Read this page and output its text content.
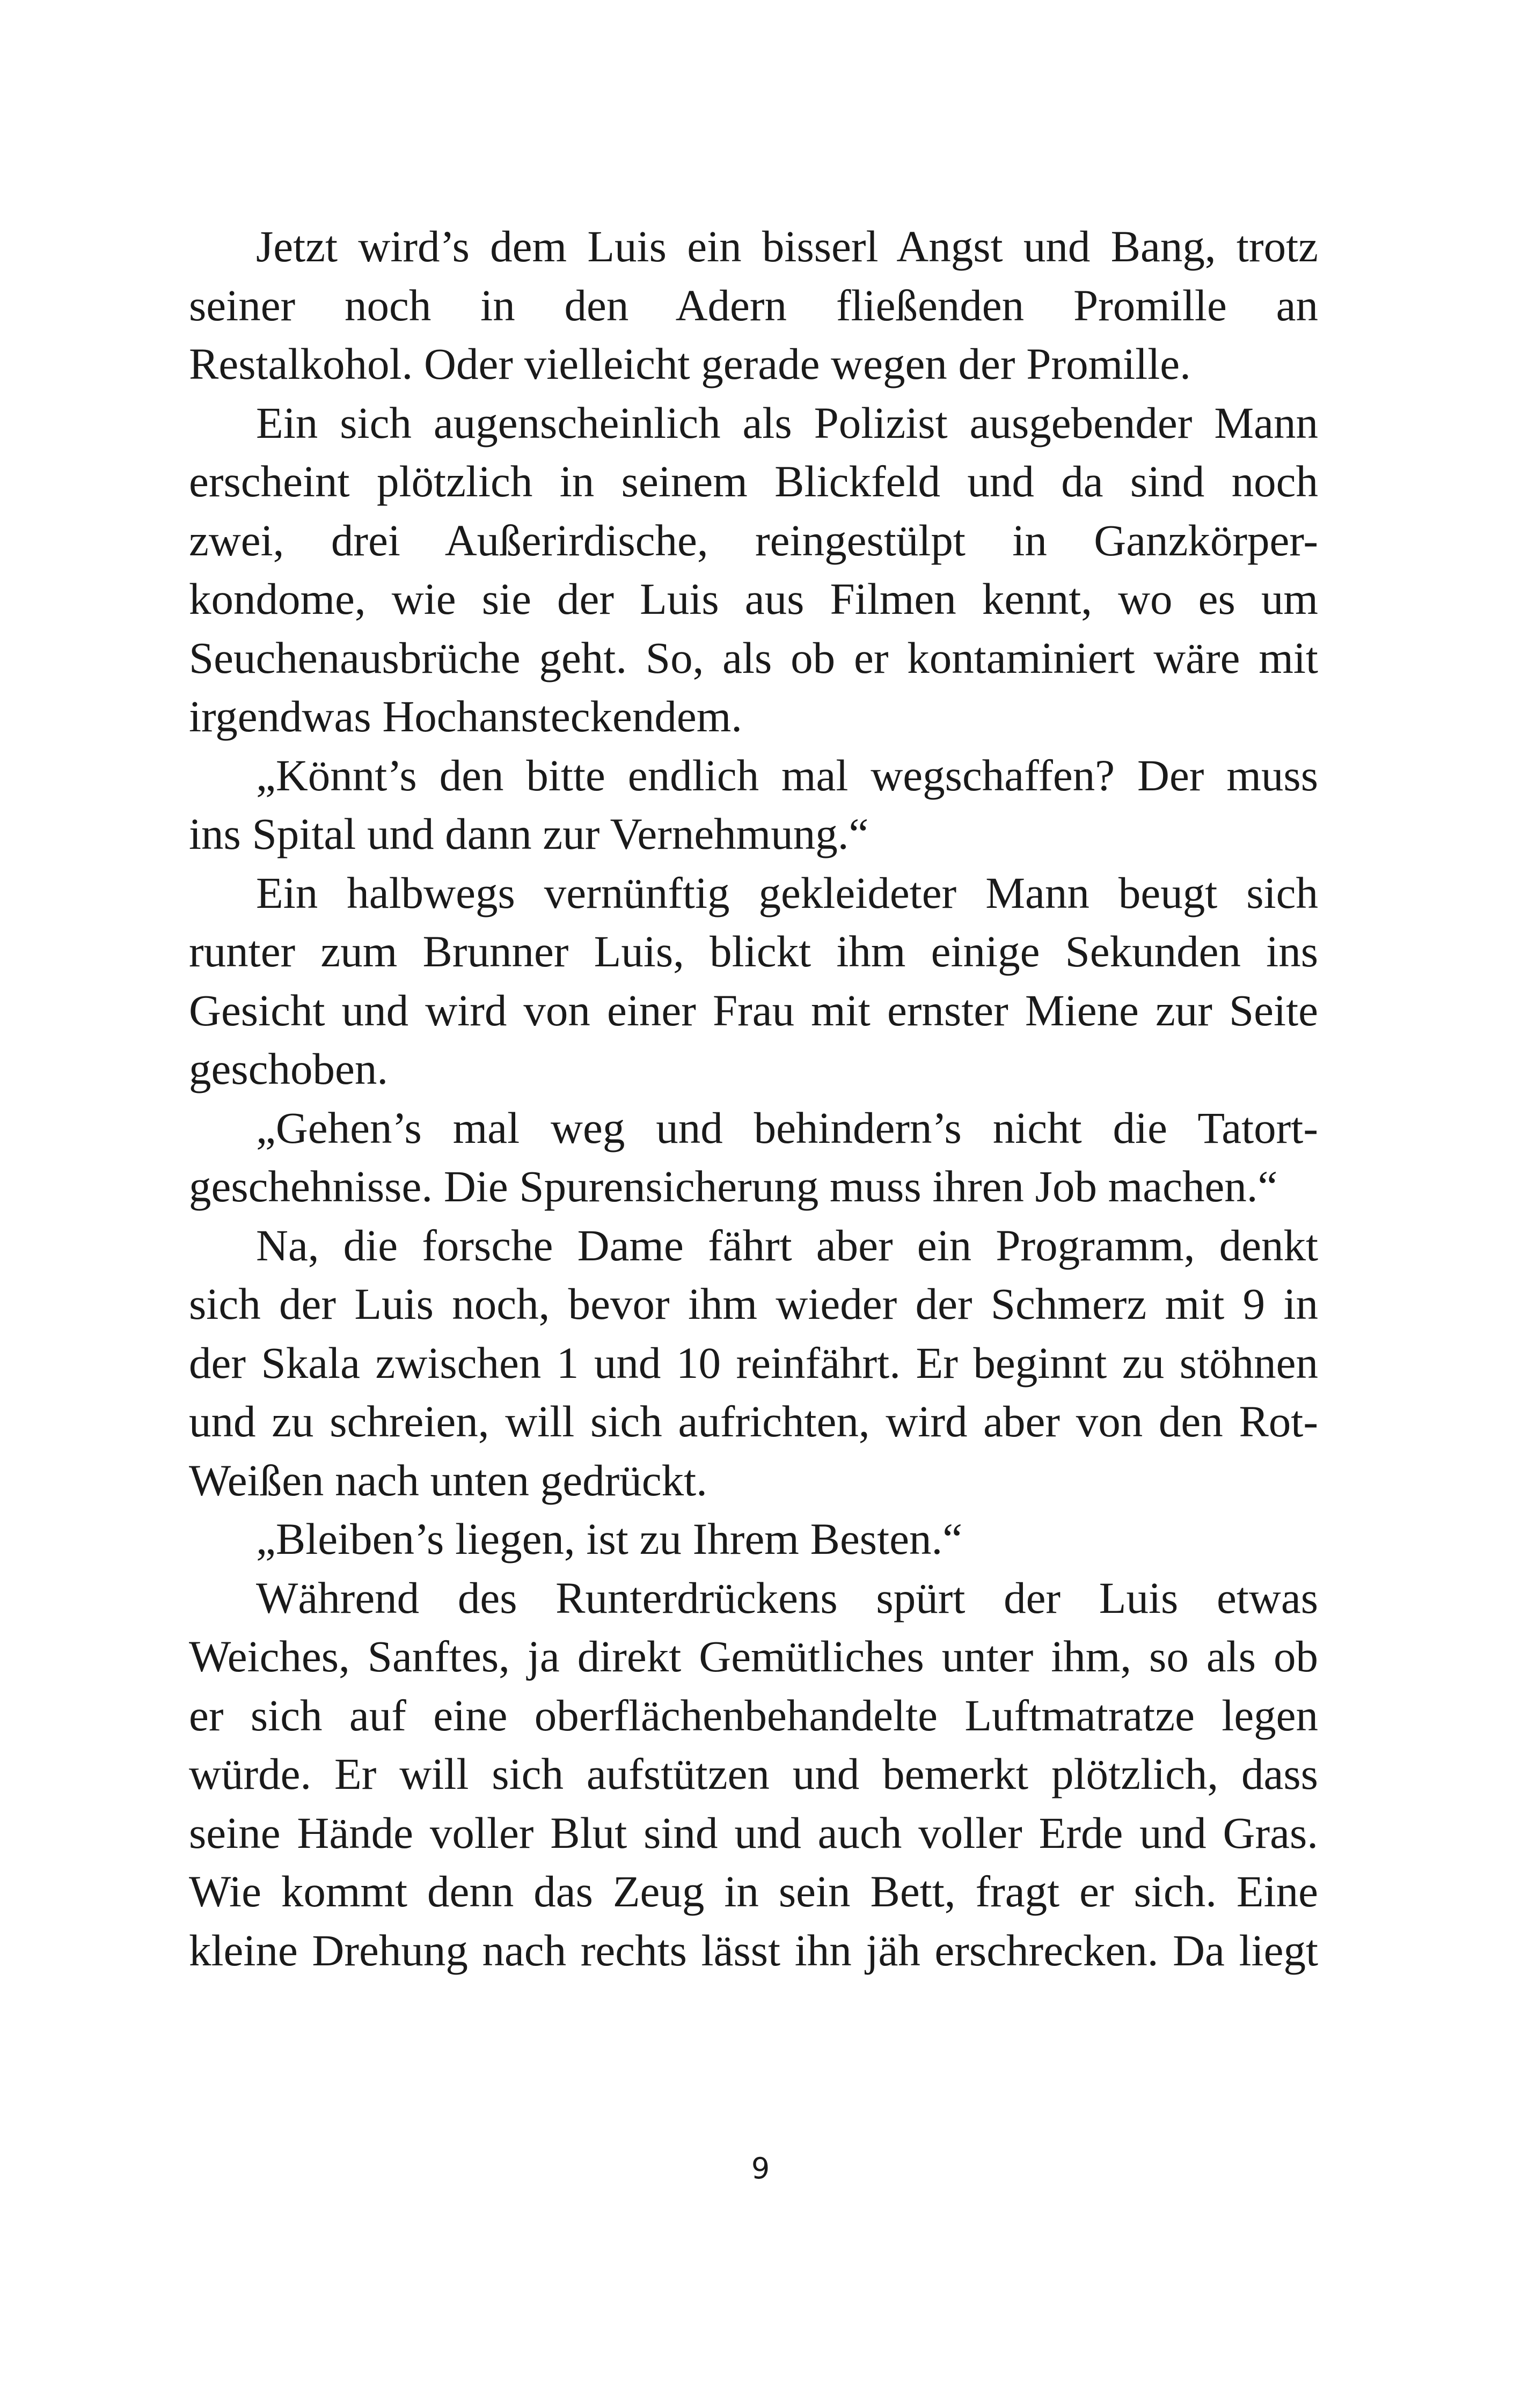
Jetzt wird’s dem Luis ein bisserl Angst und Bang, trotz
seiner noch in den Adern fließenden Promille an
Restalkohol. Oder vielleicht gerade wegen der Promille.

Ein sich augenscheinlich als Polizist ausgebender Mann
erscheint plötzlich in seinem Blickfeld und da sind noch
zwei, drei Außerirdische, reingestülpt in Ganzkörper-
kondome, wie sie der Luis aus Filmen kennt, wo es um
Seuchenausbrüche geht. So, als ob er kontaminiert wäre mit
irgendwas Hochansteckendem.

„Könnt’s den bitte endlich mal wegschaffen? Der muss
ins Spital und dann zur Vernehmung.“

Ein halbwegs vernünftig gekleideter Mann beugt sich
runter zum Brunner Luis, blickt ihm einige Sekunden ins
Gesicht und wird von einer Frau mit ernster Miene zur Seite
geschoben.

„Gehen’s mal weg und behindern’s nicht die Tatort-
geschehnisse. Die Spurensicherung muss ihren Job machen.“

Na, die forsche Dame fährt aber ein Programm, denkt
sich der Luis noch, bevor ihm wieder der Schmerz mit 9 in
der Skala zwischen 1 und 10 reinfährt. Er beginnt zu stöhnen
und zu schreien, will sich aufrichten, wird aber von den Rot-
Weißen nach unten gedrückt.

„Bleiben’s liegen, ist zu Ihrem Besten.“

Während des Runterdrückens spürt der Luis etwas
Weiches, Sanftes, ja direkt Gemütliches unter ihm, so als ob
er sich auf eine oberflächenbehandelte Luftmatratze legen
würde. Er will sich aufstützen und bemerkt plötzlich, dass
seine Hände voller Blut sind und auch voller Erde und Gras.
Wie kommt denn das Zeug in sein Bett, fragt er sich. Eine
kleine Drehung nach rechts lässt ihn jäh erschrecken. Da liegt

9
